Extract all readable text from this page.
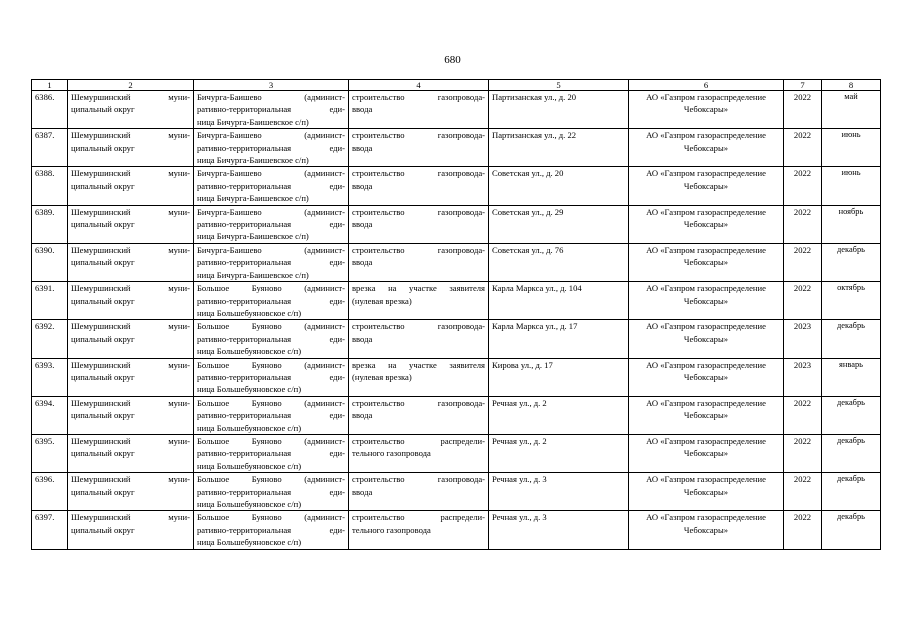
680
1	2	3	4	5	6	7	8

6386.	Шемуршинский муни-
ципальный округ	Бичурга-Баишево (админист-
ративно-территориальная еди-
ница Бичурга-Баишевское с/п)	строительство газопровода-
ввода	Партизанская ул., д. 20	АО «Газпром газораспределение
Чебоксары»	2022	май

6387.	Шемуршинский муни-
ципальный округ	Бичурга-Баишево (админист-
ративно-территориальная еди-
ница Бичурга-Баишевское с/п)	строительство газопровода-
ввода	Партизанская ул., д. 22	АО «Газпром газораспределение
Чебоксары»	2022	июнь

6388.	Шемуршинский муни-
ципальный округ	Бичурга-Баишево (админист-
ративно-территориальная еди-
ница Бичурга-Баишевское с/п)	строительство газопровода-
ввода	Советская ул., д. 20	АО «Газпром газораспределение
Чебоксары»	2022	июнь

6389.	Шемуршинский муни-
ципальный округ	Бичурга-Баишево (админист-
ративно-территориальная еди-
ница Бичурга-Баишевское с/п)	строительство газопровода-
ввода	Советская ул., д. 29	АО «Газпром газораспределение
Чебоксары»	2022	ноябрь

6390.	Шемуршинский муни-
ципальный округ	Бичурга-Баишево (админист-
ративно-территориальная еди-
ница Бичурга-Баишевское с/п)	строительство газопровода-
ввода	Советская ул., д. 76	АО «Газпром газораспределение
Чебоксары»	2022	декабрь

6391.	Шемуршинский муни-
ципальный округ	Большое Буяново (админист-
ративно-территориальная еди-
ница Большебуяновское с/п)	врезка на участке заявителя
(нулевая врезка)	Карла Маркса ул., д. 104	АО «Газпром газораспределение
Чебоксары»	2022	октябрь

6392.	Шемуршинский муни-
ципальный округ	Большое Буяново (админист-
ративно-территориальная еди-
ница Большебуяновское с/п)	строительство газопровода-
ввода	Карла Маркса ул., д. 17	АО «Газпром газораспределение
Чебоксары»	2023	декабрь

6393.	Шемуршинский муни-
ципальный округ	Большое Буяново (админист-
ративно-территориальная еди-
ница Большебуяновское с/п)	врезка на участке заявителя
(нулевая врезка)	Кирова ул., д. 17	АО «Газпром газораспределение
Чебоксары»	2023	январь

6394.	Шемуршинский муни-
ципальный округ	Большое Буяново (админист-
ративно-территориальная еди-
ница Большебуяновское с/п)	строительство газопровода-
ввода	Речная ул., д. 2	АО «Газпром газораспределение
Чебоксары»	2022	декабрь

6395.	Шемуршинский муни-
ципальный округ	Большое Буяново (админист-
ративно-территориальная еди-
ница Большебуяновское с/п)	строительство распредели-
тельного газопровода	Речная ул., д. 2	АО «Газпром газораспределение
Чебоксары»	2022	декабрь

6396.	Шемуршинский муни-
ципальный округ	Большое Буяново (админист-
ративно-территориальная еди-
ница Большебуяновское с/п)	строительство газопровода-
ввода	Речная ул., д. 3	АО «Газпром газораспределение
Чебоксары»	2022	декабрь

6397.	Шемуршинский муни-
ципальный округ	Большое Буяново (админист-
ративно-территориальная еди-
ница Большебуяновское с/п)	строительство распредели-
тельного газопровода	Речная ул., д. 3	АО «Газпром газораспределение
Чебоксары»	2022	декабрь
